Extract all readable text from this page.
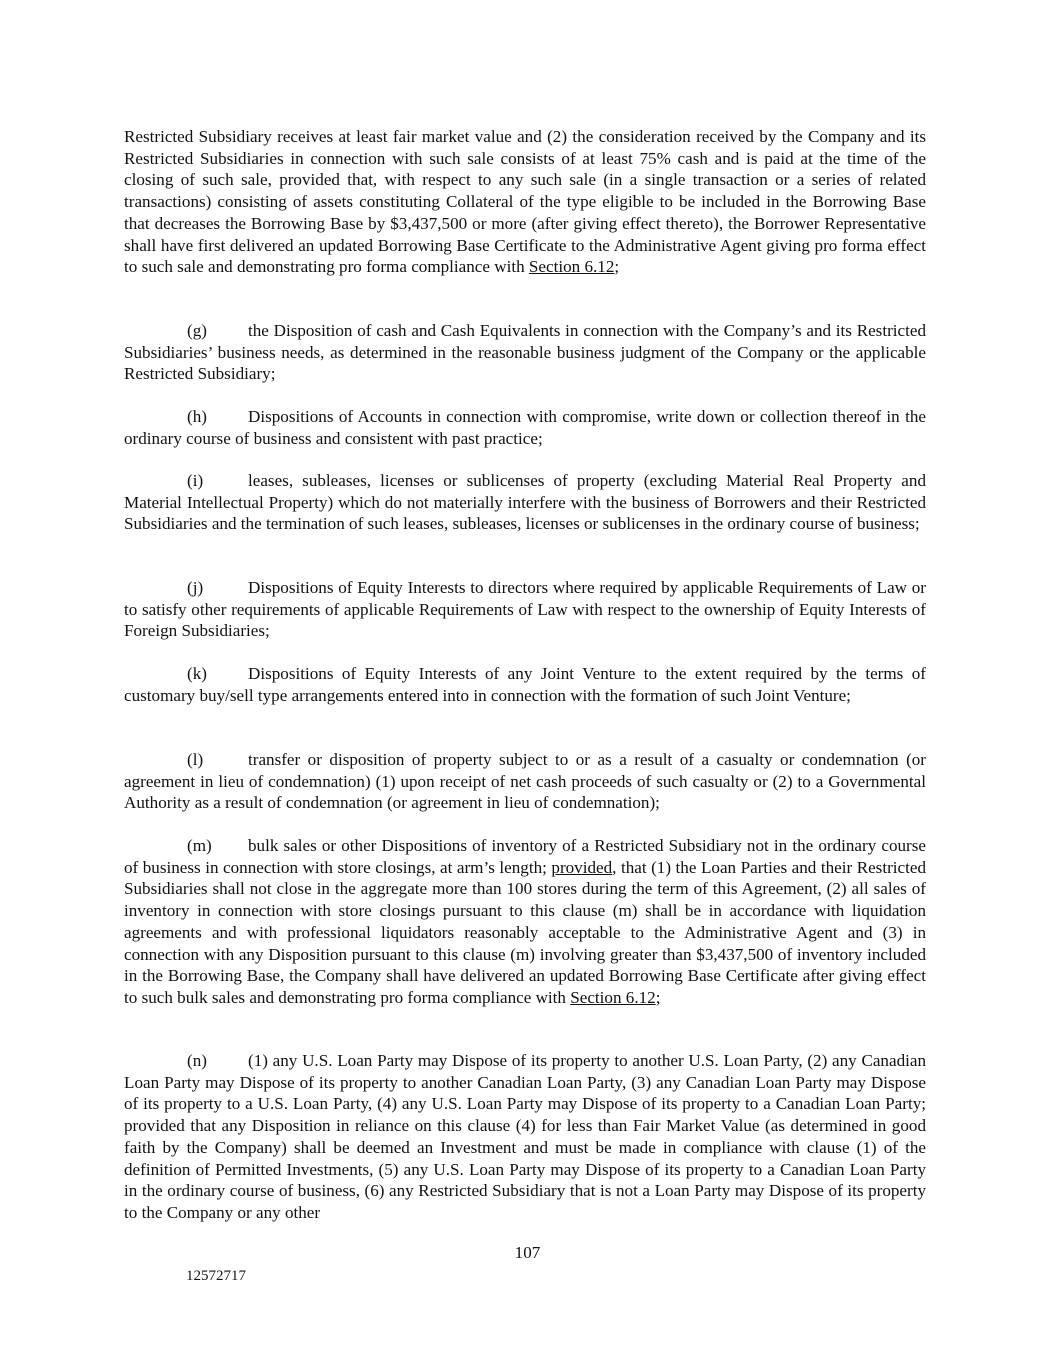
Restricted Subsidiary receives at least fair market value and (2) the consideration received by the Company and its Restricted Subsidiaries in connection with such sale consists of at least 75% cash and is paid at the time of the closing of such sale, provided that, with respect to any such sale (in a single transaction or a series of related transactions) consisting of assets constituting Collateral of the type eligible to be included in the Borrowing Base that decreases the Borrowing Base by $3,437,500 or more (after giving effect thereto), the Borrower Representative shall have first delivered an updated Borrowing Base Certificate to the Administrative Agent giving pro forma effect to such sale and demonstrating pro forma compliance with Section 6.12;

(g) the Disposition of cash and Cash Equivalents in connection with the Company’s and its Restricted Subsidiaries’ business needs, as determined in the reasonable business judgment of the Company or the applicable Restricted Subsidiary;

(h) Dispositions of Accounts in connection with compromise, write down or collection thereof in the ordinary course of business and consistent with past practice;

(i)	leases, subleases, licenses or sublicenses of property (excluding Material Real Property and Material Intellectual Property) which do not materially interfere with the business of Borrowers and their Restricted Subsidiaries and the termination of such leases, subleases, licenses or sublicenses in the ordinary course of business;

(j)	Dispositions of Equity Interests to directors where required by applicable Requirements of Law or to satisfy other requirements of applicable Requirements of Law with respect to the ownership of Equity Interests of Foreign Subsidiaries;

(k) Dispositions of Equity Interests of any Joint Venture to the extent required by the terms of customary buy/sell type arrangements entered into in connection with the formation of such Joint Venture;

(l)	transfer or disposition of property subject to or as a result of a casualty or condemnation (or agreement in lieu of condemnation) (1) upon receipt of net cash proceeds of such casualty or (2) to a Governmental Authority as a result of condemnation (or agreement in lieu of condemnation);

(m) bulk sales or other Dispositions of inventory of a Restricted Subsidiary not in the ordinary course of business in connection with store closings, at arm’s length; provided, that (1) the Loan Parties and their Restricted Subsidiaries shall not close in the aggregate more than 100 stores during the term of this Agreement, (2) all sales of inventory in connection with store closings pursuant to this clause (m) shall be in accordance with liquidation agreements and with professional liquidators reasonably acceptable to the Administrative Agent and (3) in connection with any Disposition pursuant to this clause (m) involving greater than $3,437,500 of inventory included in the Borrowing Base, the Company shall have delivered an updated Borrowing Base Certificate after giving effect to such bulk sales and demonstrating pro forma compliance with Section 6.12;

(n) (1) any U.S. Loan Party may Dispose of its property to another U.S. Loan Party, (2) any Canadian Loan Party may Dispose of its property to another Canadian Loan Party, (3) any Canadian Loan Party may Dispose of its property to a U.S. Loan Party, (4) any U.S. Loan Party may Dispose of its property to a Canadian Loan Party; provided that any Disposition in reliance on this clause (4) for less than Fair Market Value (as determined in good faith by the Company) shall be deemed an Investment and must be made in compliance with clause (1) of the definition of Permitted Investments, (5) any U.S. Loan Party may Dispose of its property to a Canadian Loan Party in the ordinary course of business, (6) any Restricted Subsidiary that is not a Loan Party may Dispose of its property to the Company or any other

107
12572717
